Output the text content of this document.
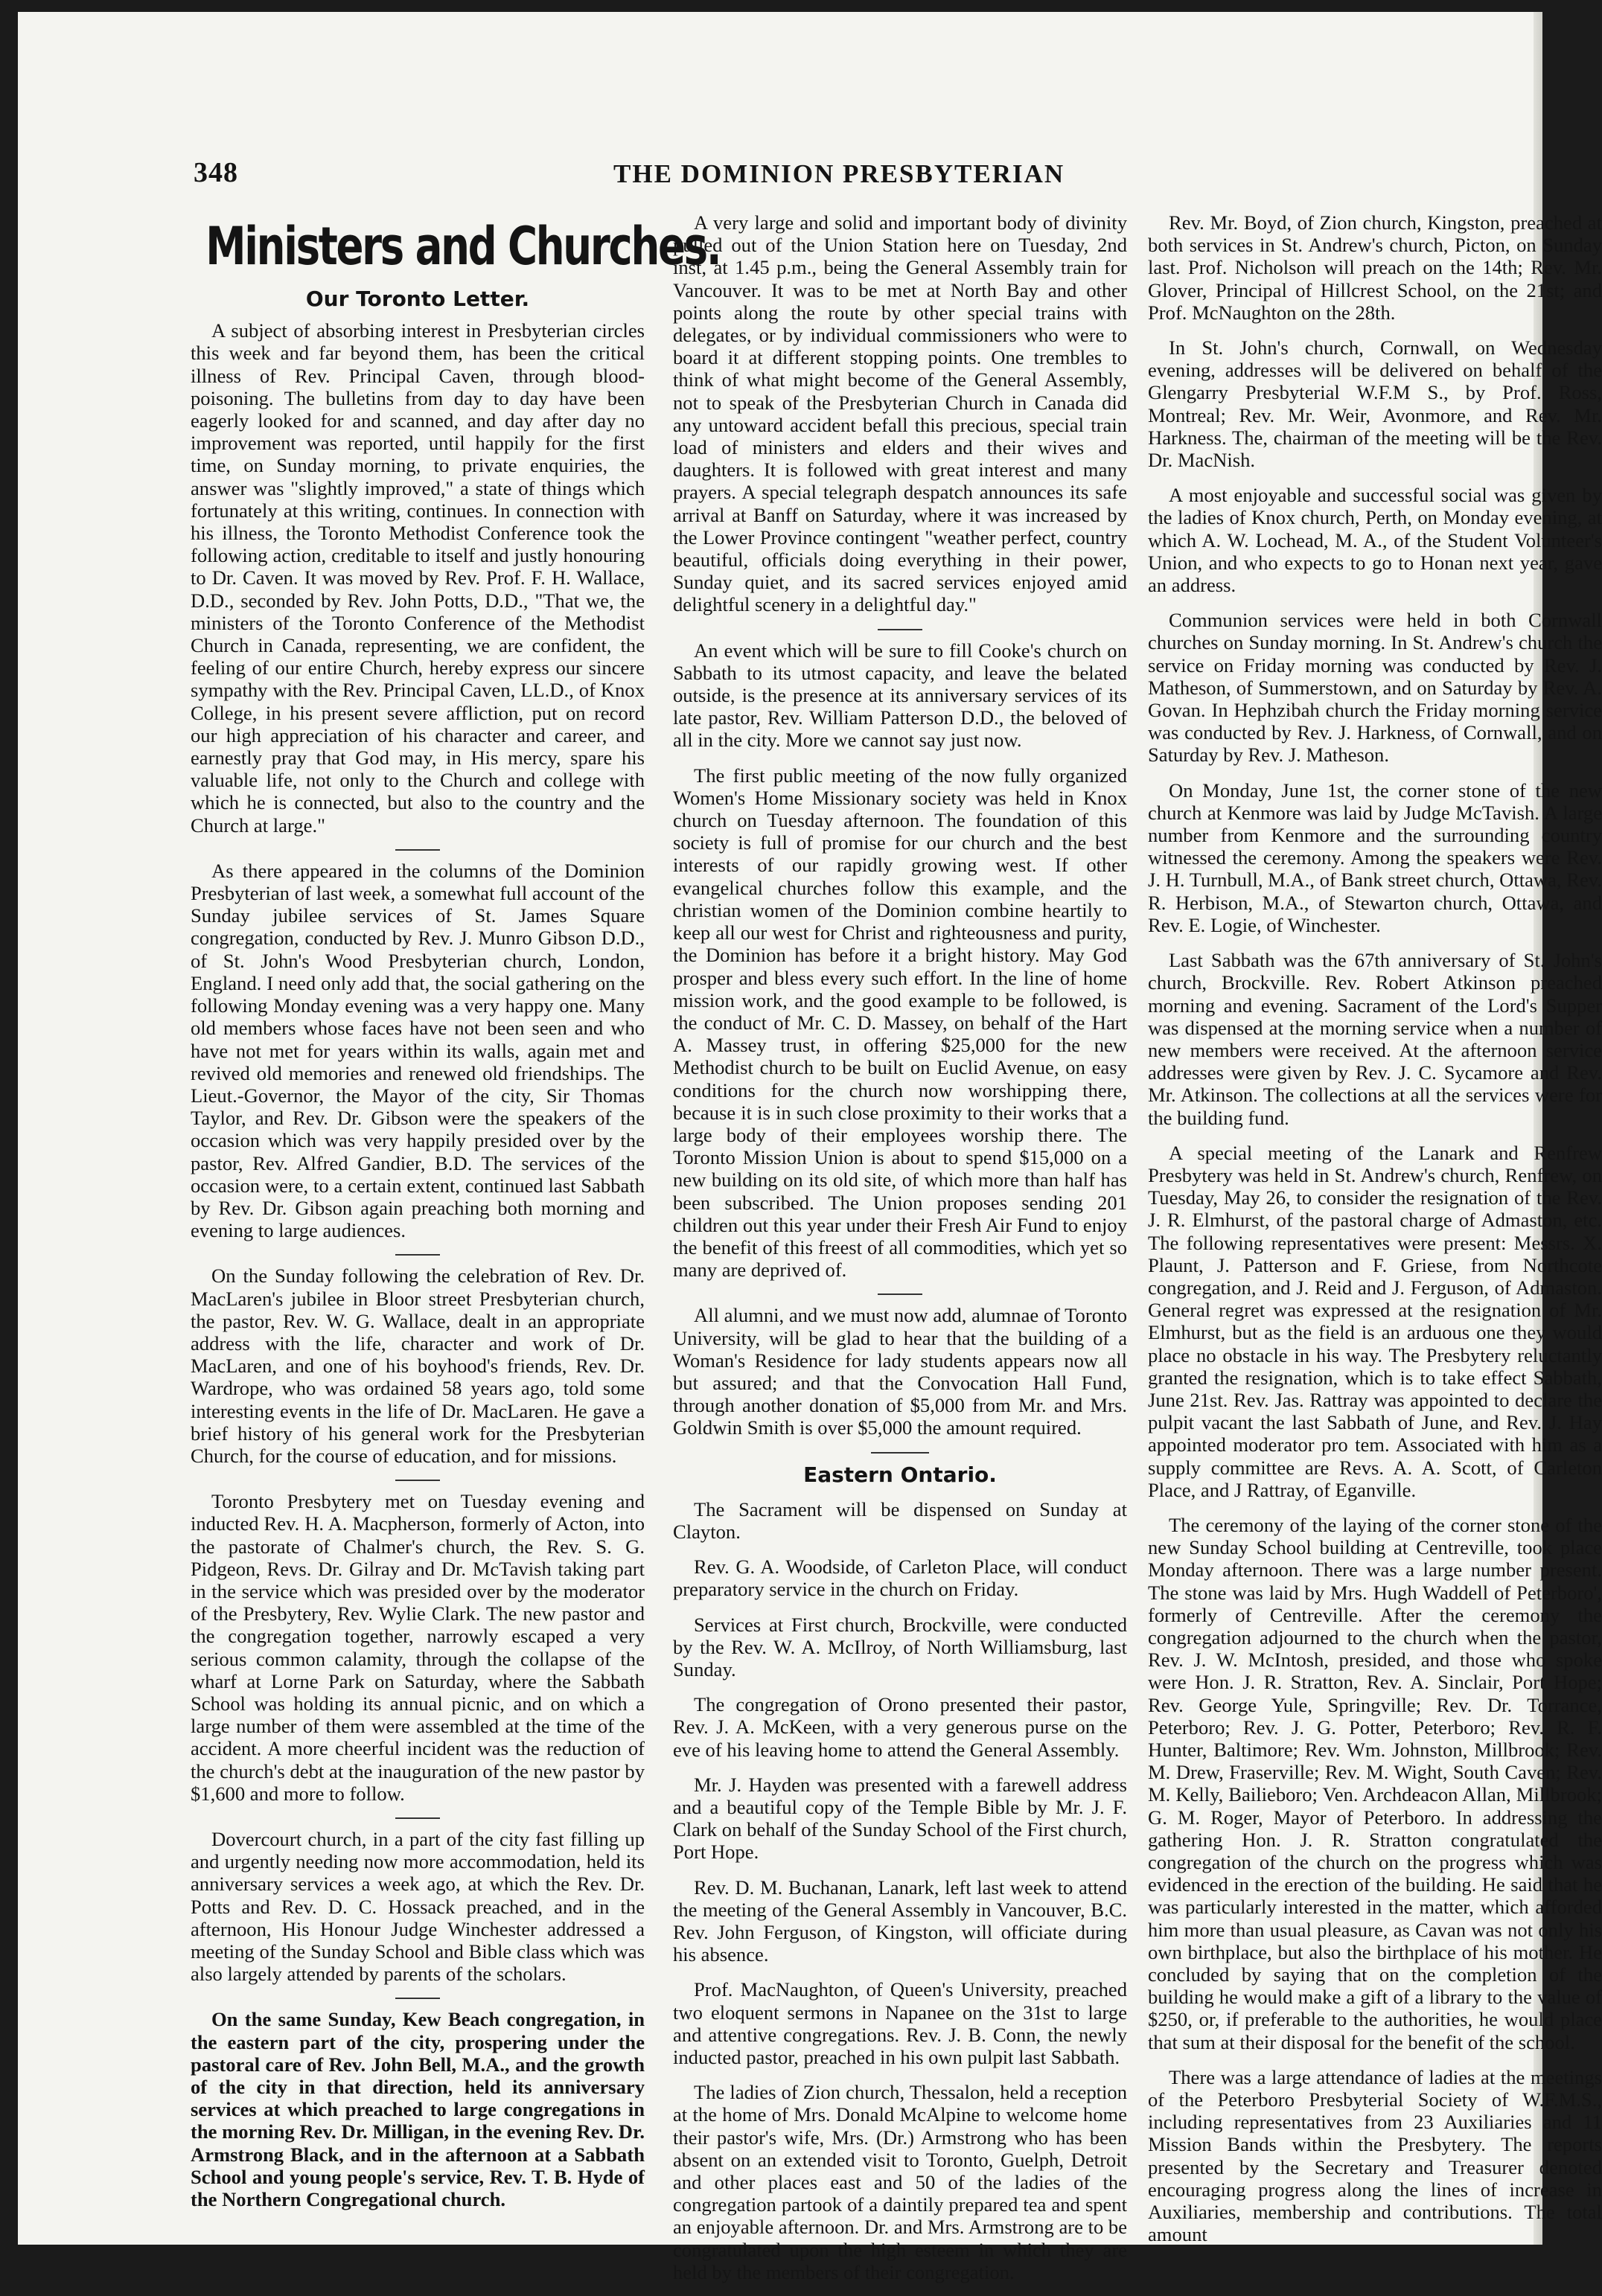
348	THE DOMINION PRESBYTERIAN
Ministers and Churches.
Our Toronto Letter.

A subject of absorbing interest in Presbyterian circles this week and far beyond them, has been the critical illness of Rev. Principal Caven, through blood-poisoning. The bulletins from day to day have been eagerly looked for and scanned, and day after day no improvement was reported, until happily for the first time, on Sunday morning, to private enquiries, the answer was "slightly improved," a state of things which fortunately at this writing, continues. In connection with his illness, the Toronto Methodist Conference took the following action, creditable to itself and justly honouring to Dr. Caven. It was moved by Rev. Prof. F. H. Wallace, D.D., seconded by Rev. John Potts, D.D., "That we, the ministers of the Toronto Conference of the Methodist Church in Canada, representing, we are confident, the feeling of our entire Church, hereby express our sincere sympathy with the Rev. Principal Caven, LL.D., of Knox College, in his present severe affliction, put on record our high appreciation of his character and career, and earnestly pray that God may, in His mercy, spare his valuable life, not only to the Church and college with which he is connected, but also to the country and the Church at large."

As there appeared in the columns of the Dominion Presbyterian of last week, a somewhat full account of the Sunday jubilee services of St. James Square congregation, conducted by Rev. J. Munro Gibson D.D., of St. John's Wood Presbyterian church, London, England. I need only add that, the social gathering on the following Monday evening was a very happy one. Many old members whose faces have not been seen and who have not met for years within its walls, again met and revived old memories and renewed old friendships. The Lieut.-Governor, the Mayor of the city, Sir Thomas Taylor, and Rev. Dr. Gibson were the speakers of the occasion which was very happily presided over by the pastor, Rev. Alfred Gandier, B.D. The services of the occasion were, to a certain extent, continued last Sabbath by Rev. Dr. Gibson again preaching both morning and evening to large audiences.

On the Sunday following the celebration of Rev. Dr. MacLaren's jubilee in Bloor street Presbyterian church, the pastor, Rev. W. G. Wallace, dealt in an appropriate address with the life, character and work of Dr. MacLaren, and one of his boyhood's friends, Rev. Dr. Wardrope, who was ordained 58 years ago, told some interesting events in the life of Dr. MacLaren. He gave a brief history of his general work for the Presbyterian Church, for the course of education, and for missions.

Toronto Presbytery met on Tuesday evening and inducted Rev. H. A. Macpherson, formerly of Acton, into the pastorate of Chalmer's church, the Rev. S. G. Pidgeon, Revs. Dr. Gilray and Dr. McTavish taking part in the service which was presided over by the moderator of the Presbytery, Rev. Wylie Clark. The new pastor and the congregation together, narrowly escaped a very serious common calamity, through the collapse of the wharf at Lorne Park on Saturday, where the Sabbath School was holding its annual picnic, and on which a large number of them were assembled at the time of the accident. A more cheerful incident was the reduction of the church's debt at the inauguration of the new pastor by $1,600 and more to follow.

Dovercourt church, in a part of the city fast filling up and urgently needing now more accommodation, held its anniversary services a week ago, at which the Rev. Dr. Potts and Rev. D. C. Hossack preached, and in the afternoon, His Honour Judge Winchester addressed a meeting of the Sunday School and Bible class which was also largely attended by parents of the scholars.

On the same Sunday, Kew Beach congregation, in the eastern part of the city, prospering under the pastoral care of Rev. John Bell, M.A., and the growth of the city in that direction, held its anniversary services at which preached to large congregations in the morning Rev. Dr. Milligan, in the evening Rev. Dr. Armstrong Black, and in the afternoon at a Sabbath School and young people's service, Rev. T. B. Hyde of the Northern Congregational church.

A very large and solid and important body of divinity pulled out of the Union Station here on Tuesday, 2nd inst, at 1.45 p.m., being the General Assembly train for Vancouver. It was to be met at North Bay and other points along the route by other special trains with delegates, or by individual commissioners who were to board it at different stopping points. One trembles to think of what might become of the General Assembly, not to speak of the Presbyterian Church in Canada did any untoward accident befall this precious, special train load of ministers and elders and their wives and daughters. It is followed with great interest and many prayers. A special telegraph despatch announces its safe arrival at Banff on Saturday, where it was increased by the Lower Province contingent "weather perfect, country beautiful, officials doing everything in their power, Sunday quiet, and its sacred services enjoyed amid delightful scenery in a delightful day."

An event which will be sure to fill Cooke's church on Sabbath to its utmost capacity, and leave the belated outside, is the presence at its anniversary services of its late pastor, Rev. William Patterson D.D., the beloved of all in the city. More we cannot say just now.

The first public meeting of the now fully organized Women's Home Missionary society was held in Knox church on Tuesday afternoon. The foundation of this society is full of promise for our church and the best interests of our rapidly growing west. If other evangelical churches follow this example, and the christian women of the Dominion combine heartily to keep all our west for Christ and righteousness and purity, the Dominion has before it a bright history. May God prosper and bless every such effort. In the line of home mission work, and the good example to be followed, is the conduct of Mr. C. D. Massey, on behalf of the Hart A. Massey trust, in offering $25,000 for the new Methodist church to be built on Euclid Avenue, on easy conditions for the church now worshipping there, because it is in such close proximity to their works that a large body of their employees worship there. The Toronto Mission Union is about to spend $15,000 on a new building on its old site, of which more than half has been subscribed. The Union proposes sending 201 children out this year under their Fresh Air Fund to enjoy the benefit of this freest of all commodities, which yet so many are deprived of.

All alumni, and we must now add, alumnae of Toronto University, will be glad to hear that the building of a Woman's Residence for lady students appears now all but assured; and that the Convocation Hall Fund, through another donation of $5,000 from Mr. and Mrs. Goldwin Smith is over $5,000 the amount required.

Eastern Ontario.

The Sacrament will be dispensed on Sunday at Clayton.

Rev. G. A. Woodside, of Carleton Place, will conduct preparatory service in the church on Friday.

Services at First church, Brockville, were conducted by the Rev. W. A. McIlroy, of North Williamsburg, last Sunday.

The congregation of Orono presented their pastor, Rev. J. A. McKeen, with a very generous purse on the eve of his leaving home to attend the General Assembly.

Mr. J. Hayden was presented with a farewell address and a beautiful copy of the Temple Bible by Mr. J. F. Clark on behalf of the Sunday School of the First church, Port Hope.

Rev. D. M. Buchanan, Lanark, left last week to attend the meeting of the General Assembly in Vancouver, B.C. Rev. John Ferguson, of Kingston, will officiate during his absence.

Prof. MacNaughton, of Queen's University, preached two eloquent sermons in Napanee on the 31st to large and attentive congregations. Rev. J. B. Conn, the newly inducted pastor, preached in his own pulpit last Sabbath.

The ladies of Zion church, Thessalon, held a reception at the home of Mrs. Donald McAlpine to welcome home their pastor's wife, Mrs. (Dr.) Armstrong who has been absent on an extended visit to Toronto, Guelph, Detroit and other places east and 50 of the ladies of the congregation partook of a daintily prepared tea and spent an enjoyable afternoon. Dr. and Mrs. Armstrong are to be congratulated upon the high esteem in which they are held by the members of their congregation.

Rev. Mr. Boyd, of Zion church, Kingston, preached at both services in St. Andrew's church, Picton, on Sunday last. Prof. Nicholson will preach on the 14th; Rev. Mr. Glover, Principal of Hillcrest School, on the 21st; and Prof. McNaughton on the 28th.

In St. John's church, Cornwall, on Wednesday evening, addresses will be delivered on behalf of the Glengarry Presbyterial W.F.M S., by Prof. Ross, Montreal; Rev. Mr. Weir, Avonmore, and Rev. Mr. Harkness. The, chairman of the meeting will be the Rev. Dr. MacNish.

A most enjoyable and successful social was given by the ladies of Knox church, Perth, on Monday evening, at which A. W. Lochead, M. A., of the Student Volunteer's Union, and who expects to go to Honan next year, gave an address.

Communion services were held in both Cornwall churches on Sunday morning. In St. Andrew's church the service on Friday morning was conducted by Rev. J. Matheson, of Summerstown, and on Saturday by Rev. A. Govan. In Hephzibah church the Friday morning service was conducted by Rev. J. Harkness, of Cornwall, and on Saturday by Rev. J. Matheson.

On Monday, June 1st, the corner stone of the new church at Kenmore was laid by Judge McTavish. A large number from Kenmore and the surrounding country witnessed the ceremony. Among the speakers were Rev. J. H. Turnbull, M.A., of Bank street church, Ottawa, Rev. R. Herbison, M.A., of Stewarton church, Ottawa, and Rev. E. Logie, of Winchester.

Last Sabbath was the 67th anniversary of St. John's church, Brockville. Rev. Robert Atkinson preached morning and evening. Sacrament of the Lord's Supper was dispensed at the morning service when a number of new members were received. At the afternoon service addresses were given by Rev. J. C. Sycamore and Rev. Mr. Atkinson. The collections at all the services were for the building fund.

A special meeting of the Lanark and Renfrew Presbytery was held in St. Andrew's church, Renfrew, on Tuesday, May 26, to consider the resignation of the Rev. J. R. Elmhurst, of the pastoral charge of Admaston, etc. The following representatives were present: Messrs. X. Plaunt, J. Patterson and F. Griese, from Northcote congregation, and J. Reid and J. Ferguson, of Admaston. General regret was expressed at the resignation of Mr. Elmhurst, but as the field is an arduous one they would place no obstacle in his way. The Presbytery reluctantly granted the resignation, which is to take effect Sabbath, June 21st. Rev. Jas. Rattray was appointed to declare the pulpit vacant the last Sabbath of June, and Rev. J. Hay appointed moderator pro tem. Associated with him as a supply committee are Revs. A. A. Scott, of Carleton Place, and J Rattray, of Eganville.

The ceremony of the laying of the corner stone of the new Sunday School building at Centreville, took place Monday afternoon. There was a large number present. The stone was laid by Mrs. Hugh Waddell of Peterboro', formerly of Centreville. After the ceremony the congregation adjourned to the church when the pastor, Rev. J. W. McIntosh, presided, and those who spoke were Hon. J. R. Stratton, Rev. A. Sinclair, Port Hope; Rev. George Yule, Springville; Rev. Dr. Torrance, Peterboro; Rev. J. G. Potter, Peterboro; Rev. R. F. Hunter, Baltimore; Rev. Wm. Johnston, Millbrook; Rev. M. Drew, Fraserville; Rev. M. Wight, South Caven; Rev. M. Kelly, Bailieboro; Ven. Archdeacon Allan, Millbrook; G. M. Roger, Mayor of Peterboro. In addressing the gathering Hon. J. R. Stratton congratulated the congregation of the church on the progress which was evidenced in the erection of the building. He said that he was particularly interested in the matter, which afforded him more than usual pleasure, as Cavan was not only his own birthplace, but also the birthplace of his mother. He concluded by saying that on the completion of the building he would make a gift of a library to the value of $250, or, if preferable to the authorities, he would place that sum at their disposal for the benefit of the school.

There was a large attendance of ladies at the meetings of the Peterboro Presbyterial Society of W.F.M.S., including representatives from 23 Auxiliaries and 11 Mission Bands within the Presbytery. The reports presented by the Secretary and Treasurer denoted encouraging progress along the lines of increase in Auxiliaries, membership and contributions. The total amount
